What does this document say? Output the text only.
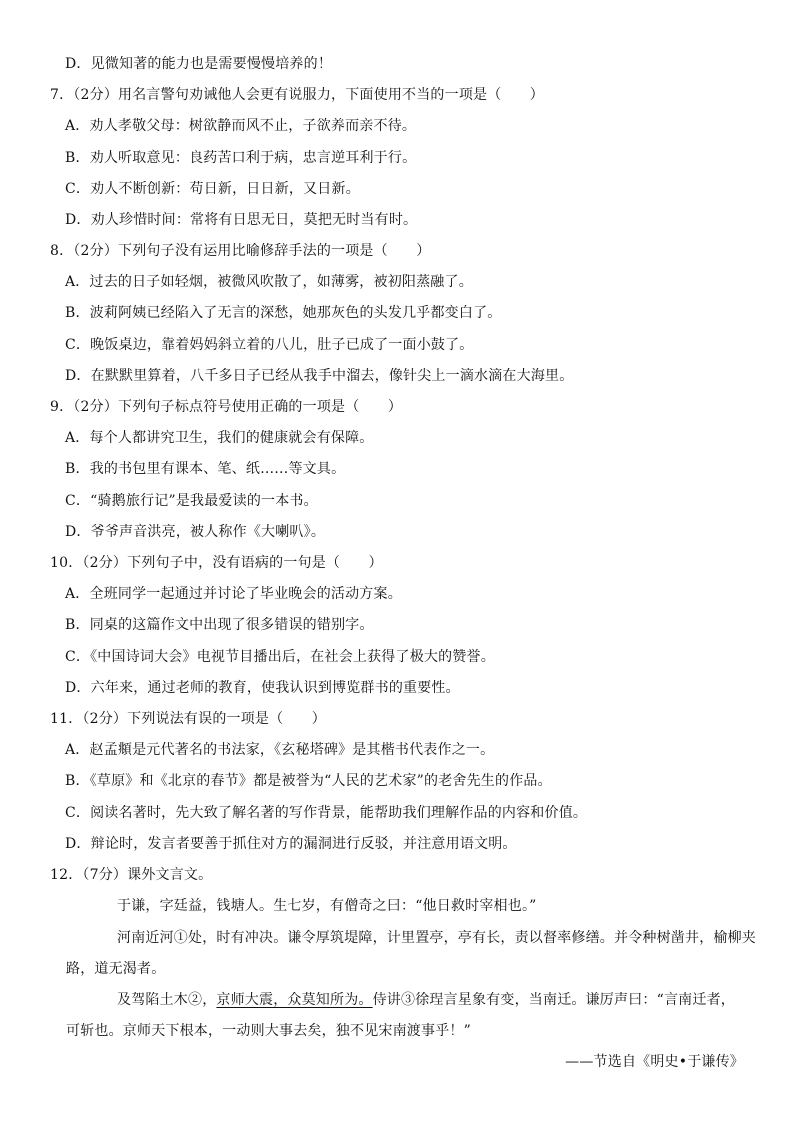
D．见微知著的能力也是需要慢慢培养的！
7．（2分）用名言警句劝诫他人会更有说服力，下面使用不当的一项是（　　）
A．劝人孝敬父母：树欲静而风不止，子欲养而亲不待。
B．劝人听取意见：良药苦口利于病，忠言逆耳利于行。
C．劝人不断创新：苟日新，日日新，又日新。
D．劝人珍惜时间：常将有日思无日，莫把无时当有时。
8．（2分）下列句子没有运用比喻修辞手法的一项是（　　）
A．过去的日子如轻烟，被微风吹散了，如薄雾，被初阳蒸融了。
B．波莉阿姨已经陷入了无言的深愁，她那灰色的头发几乎都变白了。
C．晚饭桌边，靠着妈妈斜立着的八儿，肚子已成了一面小鼓了。
D．在默默里算着，八千多日子已经从我手中溜去，像针尖上一滴水滴在大海里。
9．（2分）下列句子标点符号使用正确的一项是（　　）
A．每个人都讲究卫生，我们的健康就会有保障。
B．我的书包里有课本、笔、纸……等文具。
C．“骑鹅旅行记”是我最爱读的一本书。
D．爷爷声音洪亮，被人称作《大喇叭》。
10．（2分）下列句子中，没有语病的一句是（　　）
A．全班同学一起通过并讨论了毕业晚会的活动方案。
B．同桌的这篇作文中出现了很多错误的错别字。
C．《中国诗词大会》电视节目播出后，在社会上获得了极大的赞誉。
D．六年来，通过老师的教育，使我认识到博览群书的重要性。
11．（2分）下列说法有误的一项是（　　）
A．赵孟頫是元代著名的书法家，《玄秘塔碑》是其楷书代表作之一。
B．《草原》和《北京的春节》都是被誉为“人民的艺术家”的老舍先生的作品。
C．阅读名著时，先大致了解名著的写作背景，能帮助我们理解作品的内容和价值。
D．辩论时，发言者要善于抓住对方的漏洞进行反驳，并注意用语文明。
12．（7分）课外文言文。
于谦，字廷益，钱塘人。生七岁，有僧奇之曰：“他日救时宰相也。”
河南近河①处，时有冲决。谦令厚筑堤障，计里置亭，亭有长，责以督率修缮。并令种树凿井，榆柳夹
路，道无渴者。
及驾陷土木②，京师大震，众莫知所为。侍讲③徐珵言星象有变，当南迁。谦厉声曰：“言南迁者，
可斩也。京师天下根本，一动则大事去矣，独不见宋南渡事乎！”
——节选自《明史•于谦传》
